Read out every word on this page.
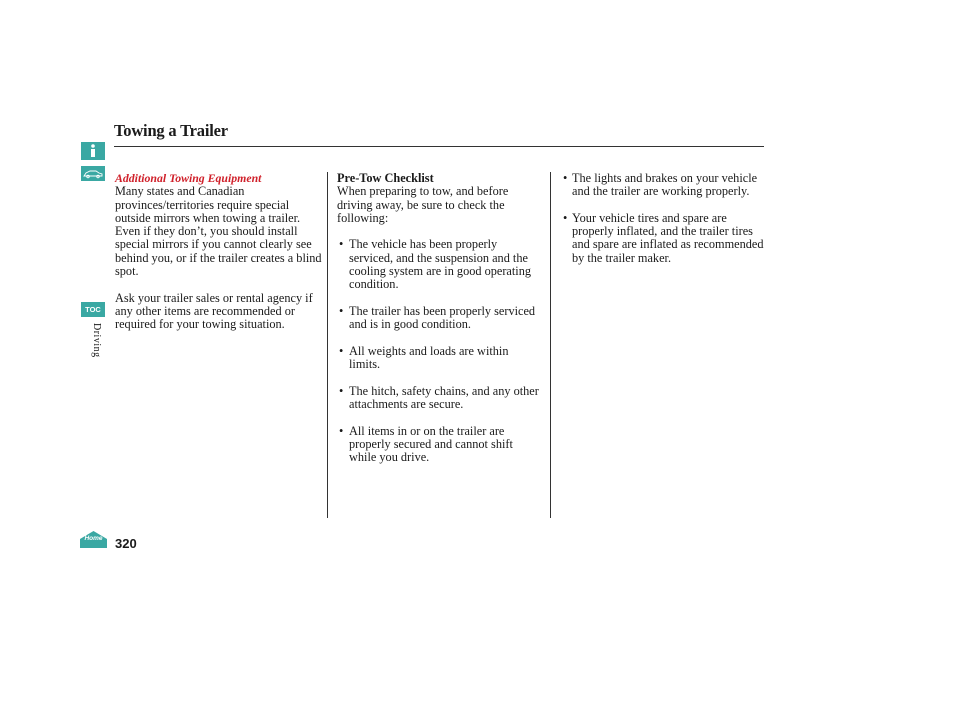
Towing a Trailer
TOC
Driving
Home 320
Additional Towing Equipment

Many states and Canadian provinces/territories require special outside mirrors when towing a trailer. Even if they don’t, you should install special mirrors if you cannot clearly see behind you, or if the trailer creates a blind spot.

Ask your trailer sales or rental agency if any other items are recommended or required for your towing situation.

Pre-Tow Checklist

When preparing to tow, and before driving away, be sure to check the following:

• The vehicle has been properly serviced, and the suspension and the cooling system are in good operating condition.
• The trailer has been properly serviced and is in good condition.
• All weights and loads are within limits.
• The hitch, safety chains, and any other attachments are secure.
• All items in or on the trailer are properly secured and cannot shift while you drive.
• The lights and brakes on your vehicle and the trailer are working properly.
• Your vehicle tires and spare are properly inflated, and the trailer tires and spare are inflated as recommended by the trailer maker.
